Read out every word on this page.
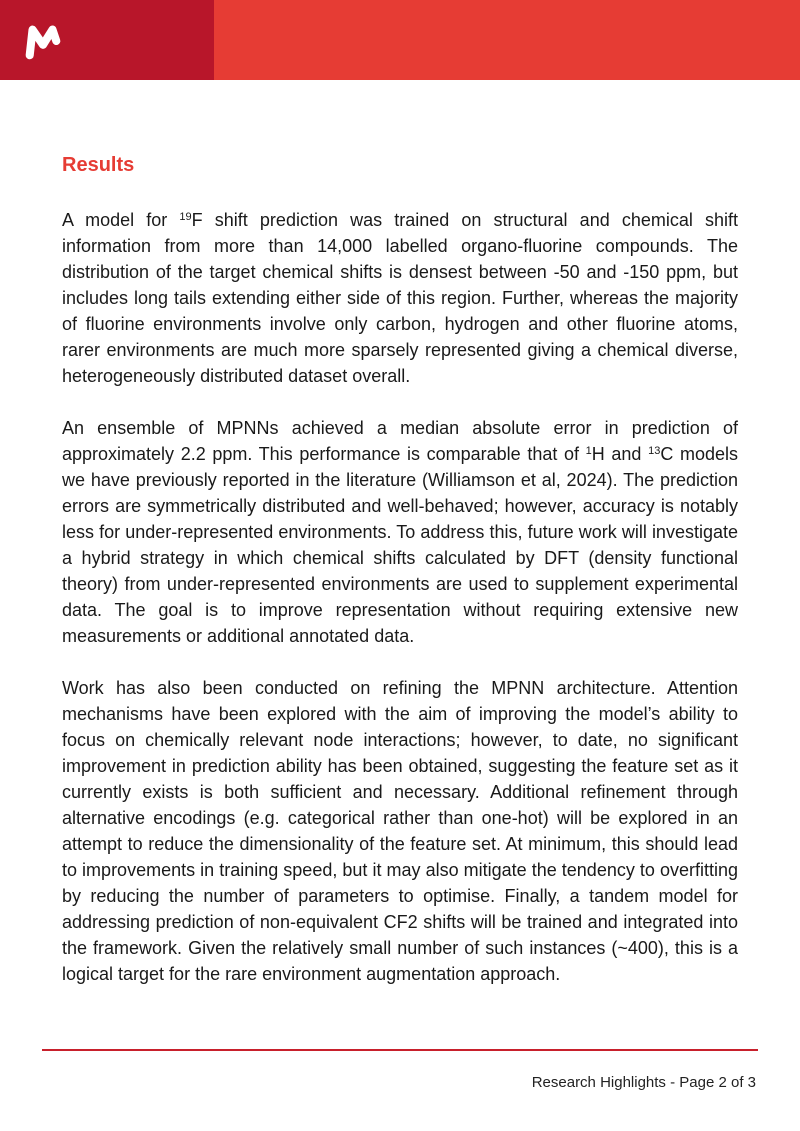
Results

A model for $^{19}$F shift prediction was trained on structural and chemical shift information from more than 14,000 labelled organo-fluorine compounds. The distribution of the target chemical shifts is densest between -50 and -150 ppm, but includes long tails extending either side of this region. Further, whereas the majority of fluorine environments involve only carbon, hydrogen and other fluorine atoms, rarer environments are much more sparsely represented giving a chemical diverse, heterogeneously distributed dataset overall.

An ensemble of MPNNs achieved a median absolute error in prediction of approximately 2.2 ppm. This performance is comparable that of $^1$H and $^{13}$C models we have previously reported in the literature (Williamson et al, 2024). The prediction errors are symmetrically distributed and well-behaved; however, accuracy is notably less for under-represented environments. To address this, future work will investigate a hybrid strategy in which chemical shifts calculated by DFT (density functional theory) from under-represented environments are used to supplement experimental data. The goal is to improve representation without requiring extensive new measurements or additional annotated data.

Work has also been conducted on refining the MPNN architecture. Attention mechanisms have been explored with the aim of improving the model’s ability to focus on chemically relevant node interactions; however, to date, no significant improvement in prediction ability has been obtained, suggesting the feature set as it currently exists is both sufficient and necessary. Additional refinement through alternative encodings (e.g. categorical rather than one-hot) will be explored in an attempt to reduce the dimensionality of the feature set. At minimum, this should lead to improvements in training speed, but it may also mitigate the tendency to overfitting by reducing the number of parameters to optimise. Finally, a tandem model for addressing prediction of non-equivalent CF2 shifts will be trained and integrated into the framework. Given the relatively small number of such instances (~400), this is a logical target for the rare environment augmentation approach.

Research Highlights - Page 2 of 3
